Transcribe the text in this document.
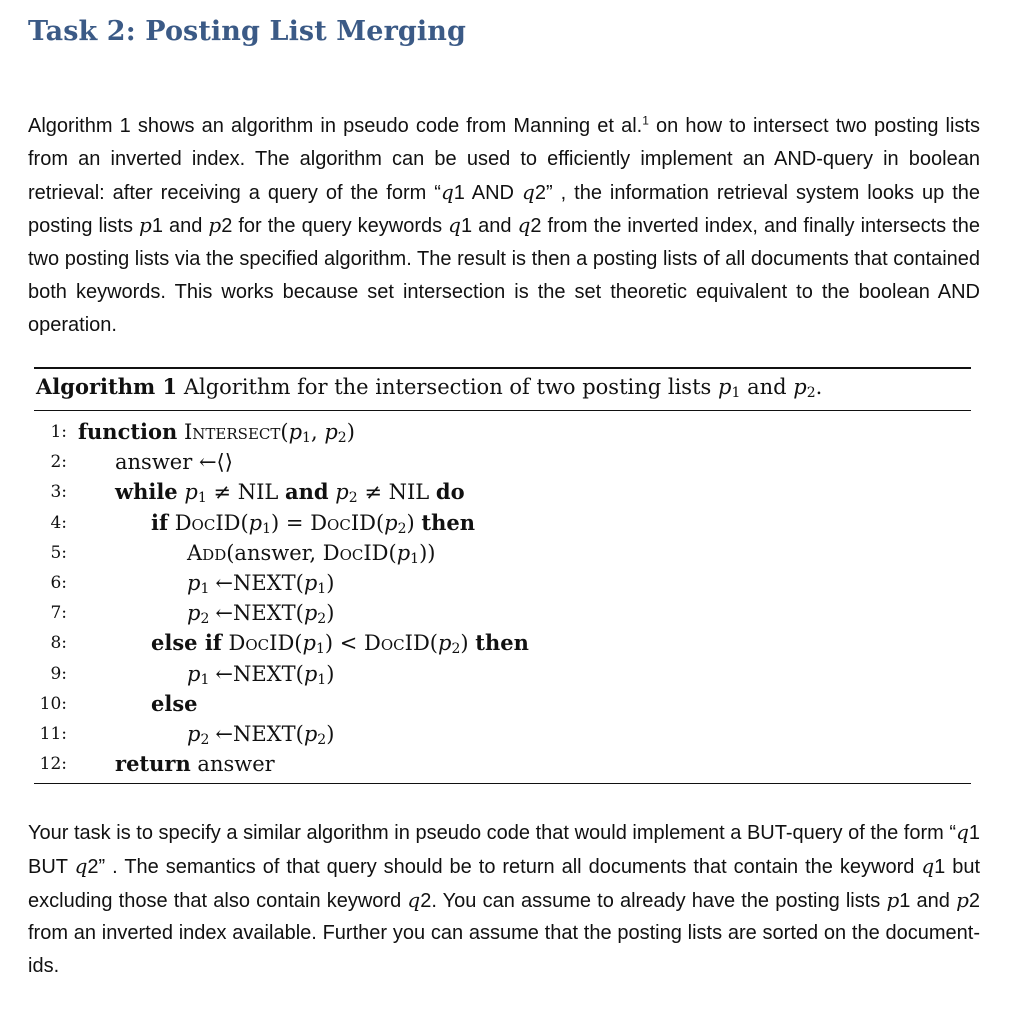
Task 2: Posting List Merging

Algorithm 1 shows an algorithm in pseudo code from Manning et al.$^1$ on how to intersect two posting lists from an inverted index. The algorithm can be used to efficiently implement an AND-query in boolean retrieval: after receiving a query of the form “q1 AND q2” , the information retrieval system looks up the posting lists p1 and p2 for the query keywords q1 and q2 from the inverted index, and finally intersects the two posting lists via the specified algorithm. The result is then a posting lists of all documents that contained both keywords. This works because set intersection is the set theoretic equivalent to the boolean AND operation.

Algorithm 1 Algorithm for the intersection of two posting lists $p_1$ and $p_2$.
1: function $Intersect(p_1$, $p_2$)
2: answer ←⟨⟩
3: while $p_1$ ≠ NIL and $p_2$ ≠ NIL do
4:	if $DocID(p_1)$ = $DocID(p_2)$ then
5:	Add(answer, $DocID(p_1)$)
6:	$p_1$ $\leftarrow NEXT(p_1)$
7:	$p_2$ $\leftarrow NEXT(p_2)$
8:	else if $DocID(p_1)$ < $DocID(p_2)$ then
9:	$p_1$ $\leftarrow NEXT(p_1)$
10:	else
11:	$p_2$ $\leftarrow NEXT(p_2)$
12: return answer

Your task is to specify a similar algorithm in pseudo code that would implement a BUT-query of the form “q1 BUT q2” . The semantics of that query should be to return all documents that contain the keyword q1 but excluding those that also contain keyword q2. You can assume to already have the posting lists p1 and p2 from an inverted index available. Further you can assume that the posting lists are sorted on the document-ids.
